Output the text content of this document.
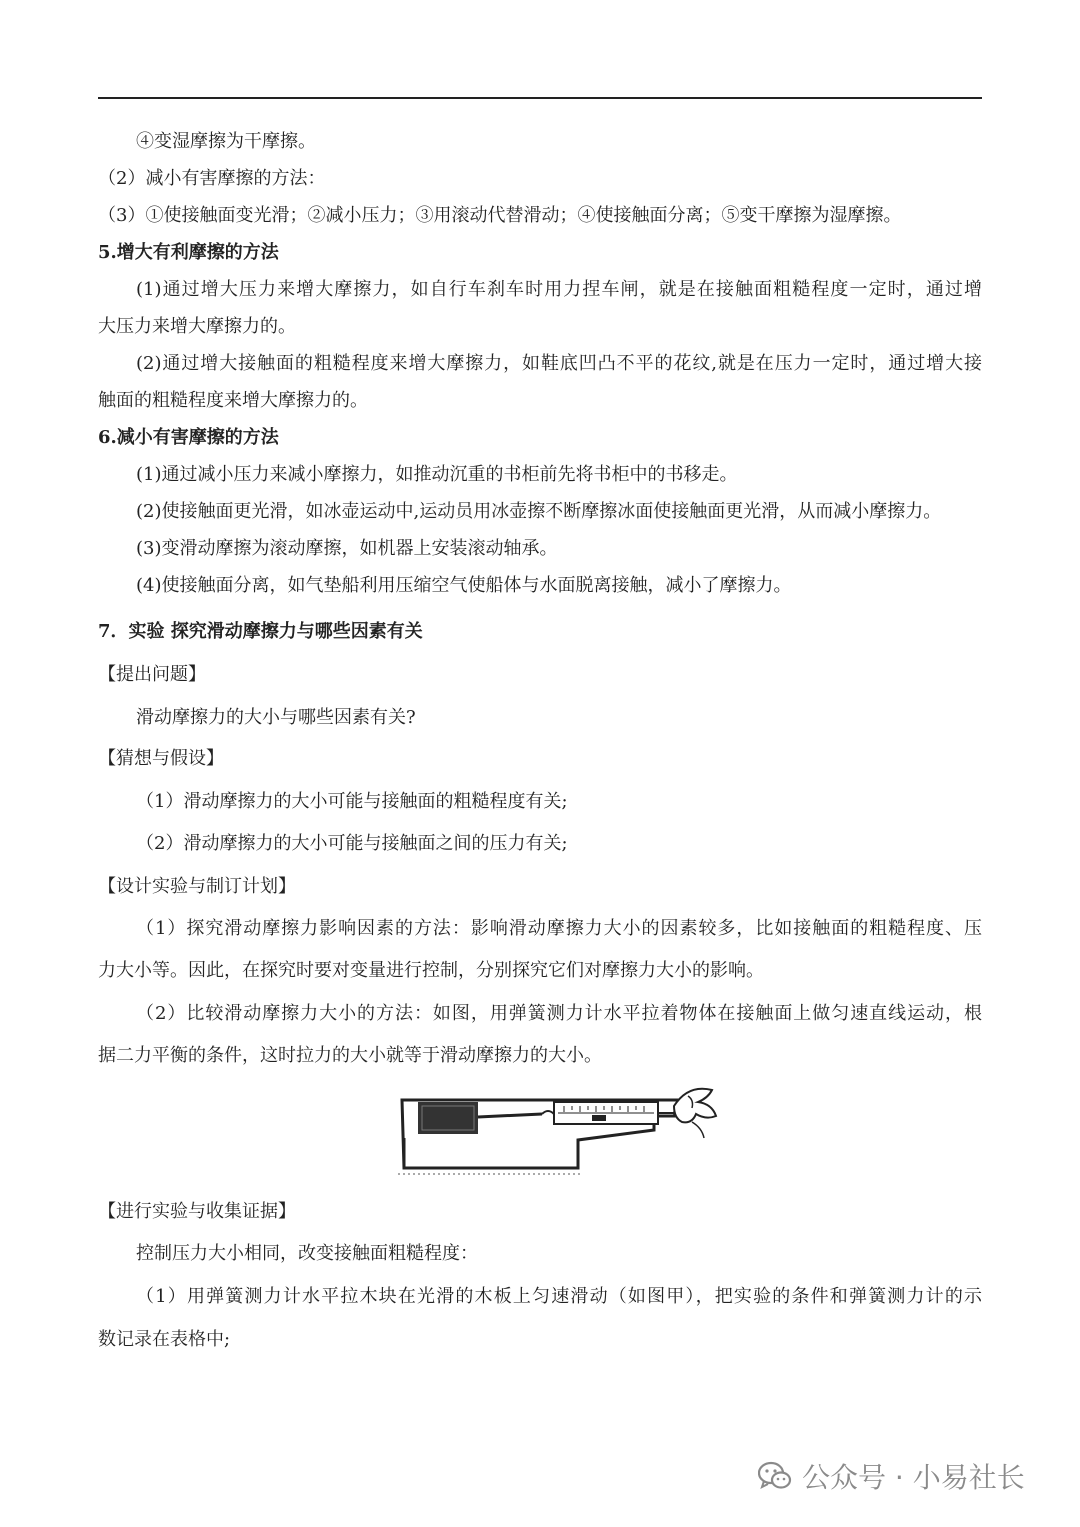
④变湿摩擦为干摩擦。
（2）减小有害摩擦的方法：
（3）①使接触面变光滑；②减小压力；③用滚动代替滑动；④使接触面分离；⑤变干摩擦为湿摩擦。
5.增大有利摩擦的方法
(1)通过增大压力来增大摩擦力，如自行车刹车时用力捏车闸，就是在接触面粗糙程度一定时，通过增
大压力来增大摩擦力的。
(2)通过增大接触面的粗糙程度来增大摩擦力，如鞋底凹凸不平的花纹,就是在压力一定时，通过增大接
触面的粗糙程度来增大摩擦力的。
6.减小有害摩擦的方法
(1)通过减小压力来减小摩擦力，如推动沉重的书柜前先将书柜中的书移走。
(2)使接触面更光滑，如冰壶运动中,运动员用冰壶擦不断摩擦冰面使接触面更光滑，从而减小摩擦力。
(3)变滑动摩擦为滚动摩擦，如机器上安装滚动轴承。
(4)使接触面分离，如气垫船利用压缩空气使船体与水面脱离接触，减小了摩擦力。
7．实验 探究滑动摩擦力与哪些因素有关
【提出问题】
滑动摩擦力的大小与哪些因素有关?
【猜想与假设】
（1）滑动摩擦力的大小可能与接触面的粗糙程度有关;
（2）滑动摩擦力的大小可能与接触面之间的压力有关;
【设计实验与制订计划】
（1）探究滑动摩擦力影响因素的方法：影响滑动摩擦力大小的因素较多，比如接触面的粗糙程度、压
力大小等。因此，在探究时要对变量进行控制，分别探究它们对摩擦力大小的影响。
（2）比较滑动摩擦力大小的方法：如图，用弹簧测力计水平拉着物体在接触面上做匀速直线运动，根
据二力平衡的条件，这时拉力的大小就等于滑动摩擦力的大小。
【进行实验与收集证据】
控制压力大小相同，改变接触面粗糙程度：
（1）用弹簧测力计水平拉木块在光滑的木板上匀速滑动（如图甲），把实验的条件和弹簧测力计的示
数记录在表格中;
公众号 · 小易社长
